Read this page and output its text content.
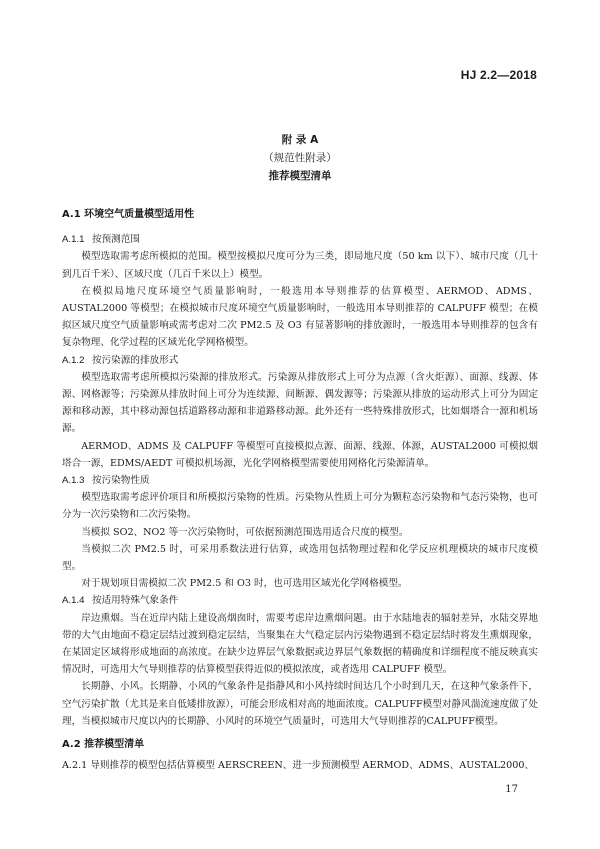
HJ 2.2—2018
附 录 A
（规范性附录）
推荐模型清单
A.1 环境空气质量模型适用性
A.1.1 按预测范围

模型选取需考虑所模拟的范围。模型按模拟尺度可分为三类，即局地尺度（50 km 以下）、城市尺度（几十到几百千米）、区域尺度（几百千米以上）模型。

在模拟局地尺度环境空气质量影响时，一般选用本导则推荐的估算模型、AERMOD、ADMS、AUSTAL2000 等模型；在模拟城市尺度环境空气质量影响时，一般选用本导则推荐的 CALPUFF 模型；在模拟区域尺度空气质量影响或需考虑对二次 PM2.5 及 O3 有显著影响的排放源时，一般选用本导则推荐的包含有复杂物理、化学过程的区域光化学网格模型。

A.1.2 按污染源的排放形式

模型选取需考虑所模拟污染源的排放形式。污染源从排放形式上可分为点源（含火炬源）、面源、线源、体源、网格源等；污染源从排放时间上可分为连续源、间断源、偶发源等；污染源从排放的运动形式上可分为固定源和移动源，其中移动源包括道路移动源和非道路移动源。此外还有一些特殊排放形式，比如烟塔合一源和机场源。

AERMOD、ADMS 及 CALPUFF 等模型可直接模拟点源、面源、线源、体源，AUSTAL2000 可模拟烟塔合一源，EDMS/AEDT 可模拟机场源，光化学网格模型需要使用网格化污染源清单。

A.1.3 按污染物性质

模型选取需考虑评价项目和所模拟污染物的性质。污染物从性质上可分为颗粒态污染物和气态污染物，也可分为一次污染物和二次污染物。

当模拟 SO2、NO2 等一次污染物时，可依据预测范围选用适合尺度的模型。

当模拟二次 PM2.5 时，可采用系数法进行估算，或选用包括物理过程和化学反应机理模块的城市尺度模型。

对于规划项目需模拟二次 PM2.5 和 O3 时，也可选用区域光化学网格模型。

A.1.4 按适用特殊气象条件

岸边熏烟。当在近岸内陆上建设高烟囱时，需要考虑岸边熏烟问题。由于水陆地表的辐射差异，水陆交界地带的大气由地面不稳定层结过渡到稳定层结，当聚集在大气稳定层内污染物遇到不稳定层结时将发生熏烟现象，在某固定区域将形成地面的高浓度。在缺少边界层气象数据或边界层气象数据的精确度和详细程度不能反映真实情况时，可选用大气导则推荐的估算模型获得近似的模拟浓度，或者选用 CALPUFF 模型。

长期静、小风。长期静、小风的气象条件是指静风和小风持续时间达几个小时到几天，在这种气象条件下，空气污染扩散（尤其是来自低矮排放源），可能会形成相对高的地面浓度。CALPUFF模型对静风湍流速度做了处理，当模拟城市尺度以内的长期静、小风时的环境空气质量时，可选用大气导则推荐的CALPUFF模型。

A.2 推荐模型清单

A.2.1 导则推荐的模型包括估算模型 AERSCREEN、进一步预测模型 AERMOD、ADMS、AUSTAL2000、

17
